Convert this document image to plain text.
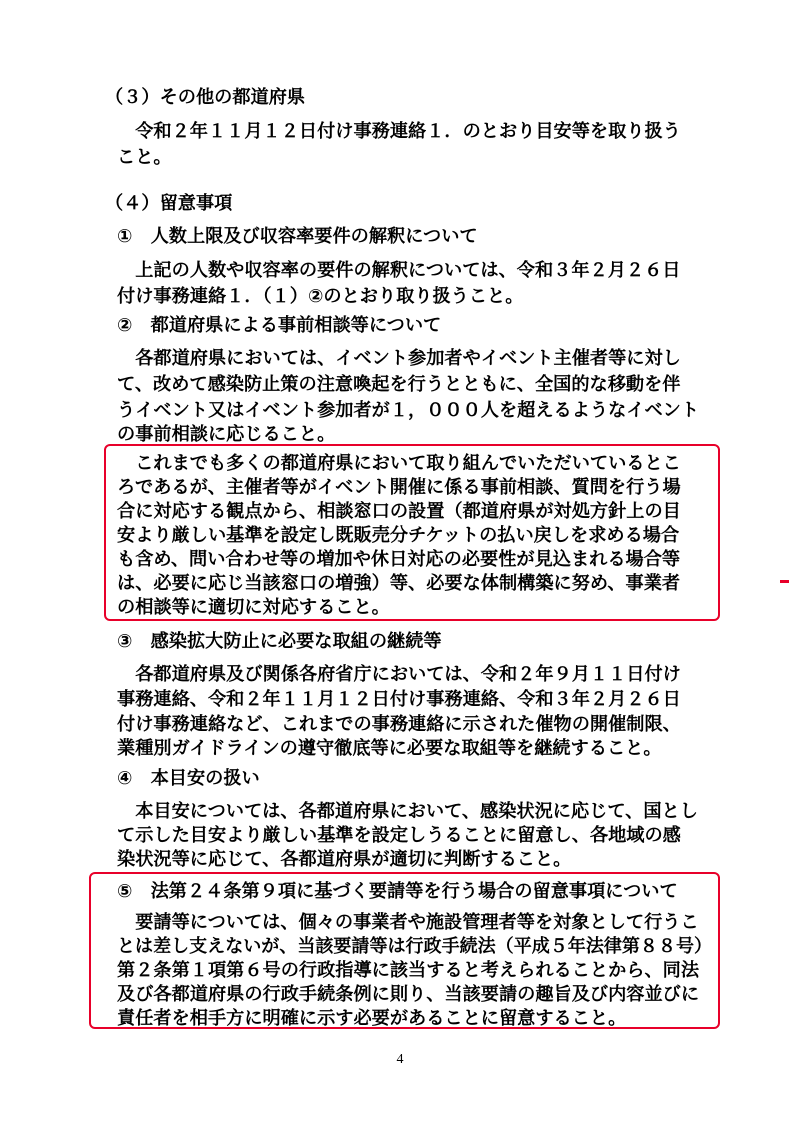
（３）その他の都道府県
　令和２年１１月１２日付け事務連絡１．のとおり目安等を取り扱う
こと。
（４）留意事項
①　人数上限及び収容率要件の解釈について
　上記の人数や収容率の要件の解釈については、令和３年２月２６日
付け事務連絡１．（１）②のとおり取り扱うこと。
②　都道府県による事前相談等について
　各都道府県においては、イベント参加者やイベント主催者等に対し
て、改めて感染防止策の注意喚起を行うとともに、全国的な移動を伴
うイベント又はイベント参加者が１，０００人を超えるようなイベント
の事前相談に応じること。
　これまでも多くの都道府県において取り組んでいただいているとこ
ろであるが、主催者等がイベント開催に係る事前相談、質問を行う場
合に対応する観点から、相談窓口の設置（都道府県が対処方針上の目
安より厳しい基準を設定し既販売分チケットの払い戻しを求める場合
も含め、問い合わせ等の増加や休日対応の必要性が見込まれる場合等
は、必要に応じ当該窓口の増強）等、必要な体制構築に努め、事業者
の相談等に適切に対応すること。
③　感染拡大防止に必要な取組の継続等
　各都道府県及び関係各府省庁においては、令和２年９月１１日付け
事務連絡、令和２年１１月１２日付け事務連絡、令和３年２月２６日
付け事務連絡など、これまでの事務連絡に示された催物の開催制限、
業種別ガイドラインの遵守徹底等に必要な取組等を継続すること。
④　本目安の扱い
　本目安については、各都道府県において、感染状況に応じて、国とし
て示した目安より厳しい基準を設定しうることに留意し、各地域の感
染状況等に応じて、各都道府県が適切に判断すること。
⑤　法第２４条第９項に基づく要請等を行う場合の留意事項について
　要請等については、個々の事業者や施設管理者等を対象として行うこ
とは差し支えないが、当該要請等は行政手続法（平成５年法律第８８号）
第２条第１項第６号の行政指導に該当すると考えられることから、同法
及び各都道府県の行政手続条例に則り、当該要請の趣旨及び内容並びに
責任者を相手方に明確に示す必要があることに留意すること。
4
